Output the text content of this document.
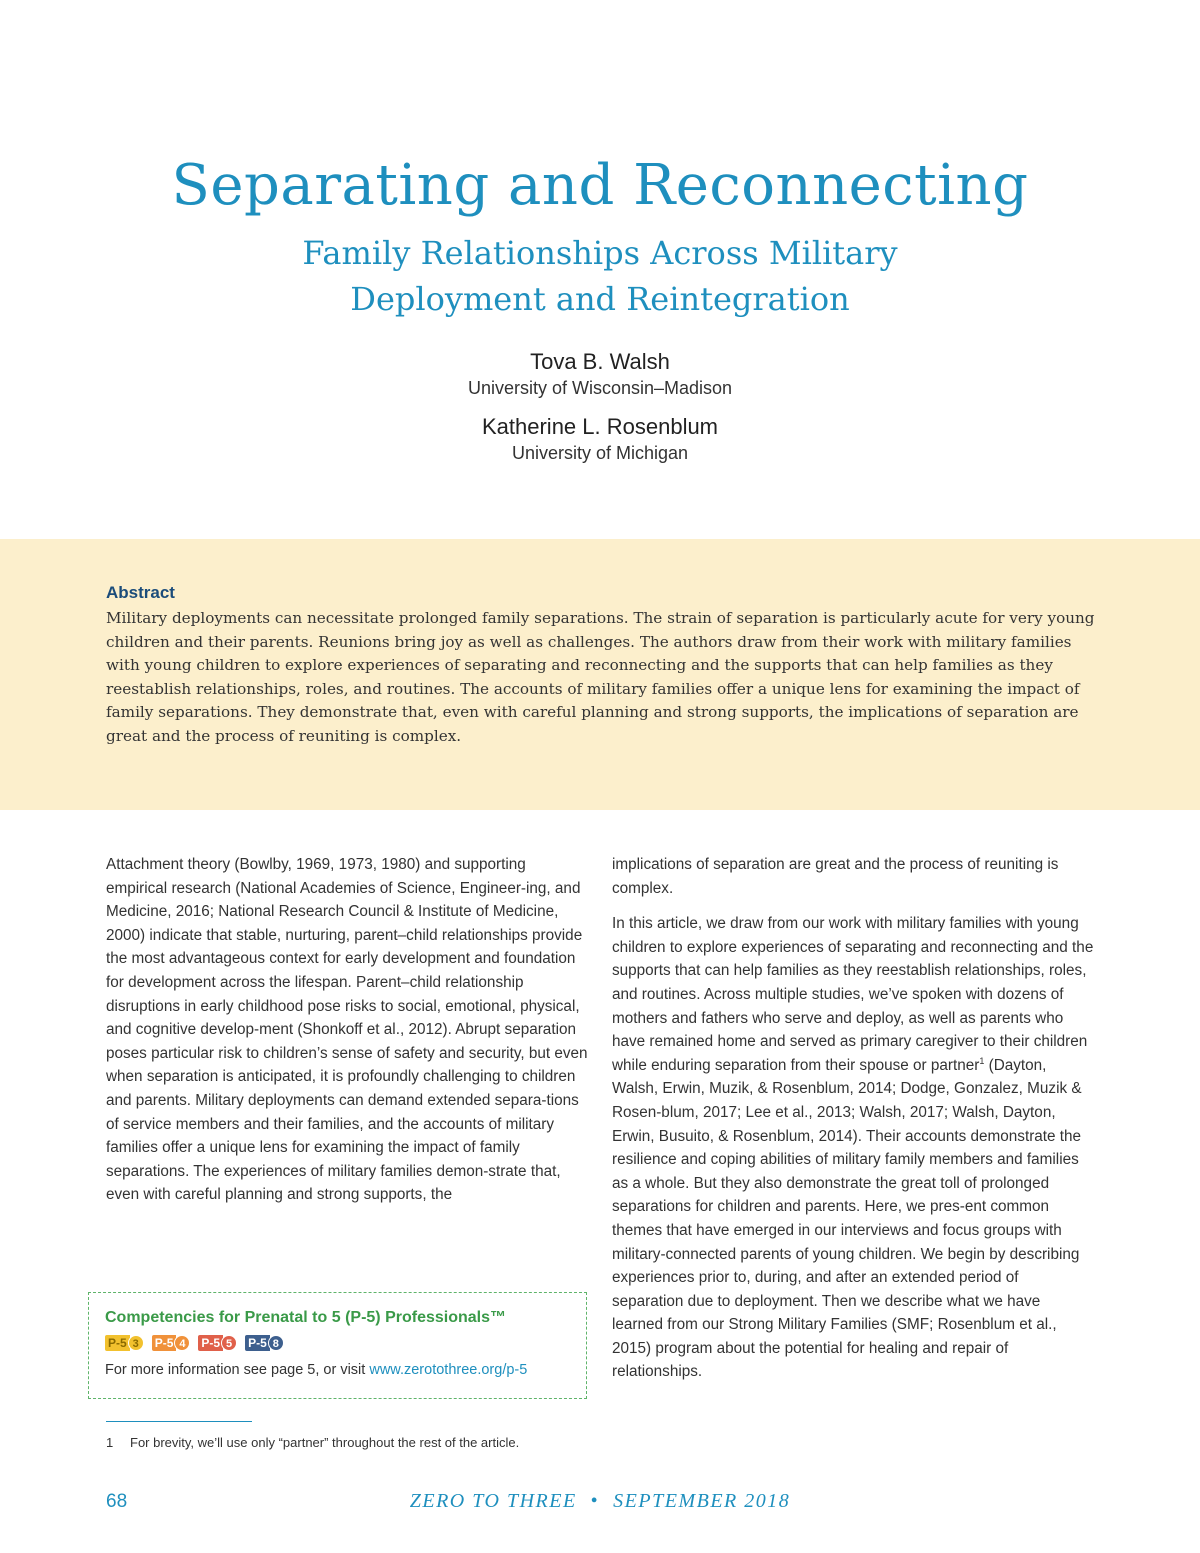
Separating and Reconnecting
Family Relationships Across Military
Deployment and Reintegration
Tova B. Walsh
University of Wisconsin–Madison
Katherine L. Rosenblum
University of Michigan
Abstract
Military deployments can necessitate prolonged family separations. The strain of separation is particularly acute for very young children and their parents. Reunions bring joy as well as challenges. The authors draw from their work with military families with young children to explore experiences of separating and reconnecting and the supports that can help families as they reestablish relationships, roles, and routines. The accounts of military families offer a unique lens for examining the impact of family separations. They demonstrate that, even with careful planning and strong supports, the implications of separation are great and the process of reuniting is complex.

Attachment theory (Bowlby, 1969, 1973, 1980) and supporting empirical research (National Academies of Science, Engineer-ing, and Medicine, 2016; National Research Council & Institute of Medicine, 2000) indicate that stable, nurturing, parent–child relationships provide the most advantageous context for early development and foundation for development across the lifespan. Parent–child relationship disruptions in early childhood pose risks to social, emotional, physical, and cognitive develop-ment (Shonkoff et al., 2012). Abrupt separation poses particular risk to children’s sense of safety and security, but even when separation is anticipated, it is profoundly challenging to children and parents. Military deployments can demand extended separa-tions of service members and their families, and the accounts of military families offer a unique lens for examining the impact of family separations. The experiences of military families demon-strate that, even with careful planning and strong supports, the

implications of separation are great and the process of reuniting is complex.

In this article, we draw from our work with military families with young children to explore experiences of separating and reconnecting and the supports that can help families as they reestablish relationships, roles, and routines. Across multiple studies, we’ve spoken with dozens of mothers and fathers who serve and deploy, as well as parents who have remained home and served as primary caregiver to their children while enduring separation from their spouse or partner$^1$ (Dayton, Walsh, Erwin, Muzik, & Rosenblum, 2014; Dodge, Gonzalez, Muzik & Rosen-blum, 2017; Lee et al., 2013; Walsh, 2017; Walsh, Dayton, Erwin, Busuito, & Rosenblum, 2014). Their accounts demonstrate the resilience and coping abilities of military family members and families as a whole. But they also demonstrate the great toll of prolonged separations for children and parents. Here, we pres-ent common themes that have emerged in our interviews and focus groups with military-connected parents of young children. We begin by describing experiences prior to, during, and after an extended period of separation due to deployment. Then we describe what we have learned from our Strong Military Families (SMF; Rosenblum et al., 2015) program about the potential for healing and repair of relationships.

Competencies for Prenatal to 5 (P-5) Professionals™
P-5 3	P-5 4	P-5 5	P-5 8
For more information see page 5, or visit www.zerotothree.org/p-5
1 For brevity, we’ll use only “partner” throughout the rest of the article.
68	ZERO TO THREE • SEPTEMBER 2018
